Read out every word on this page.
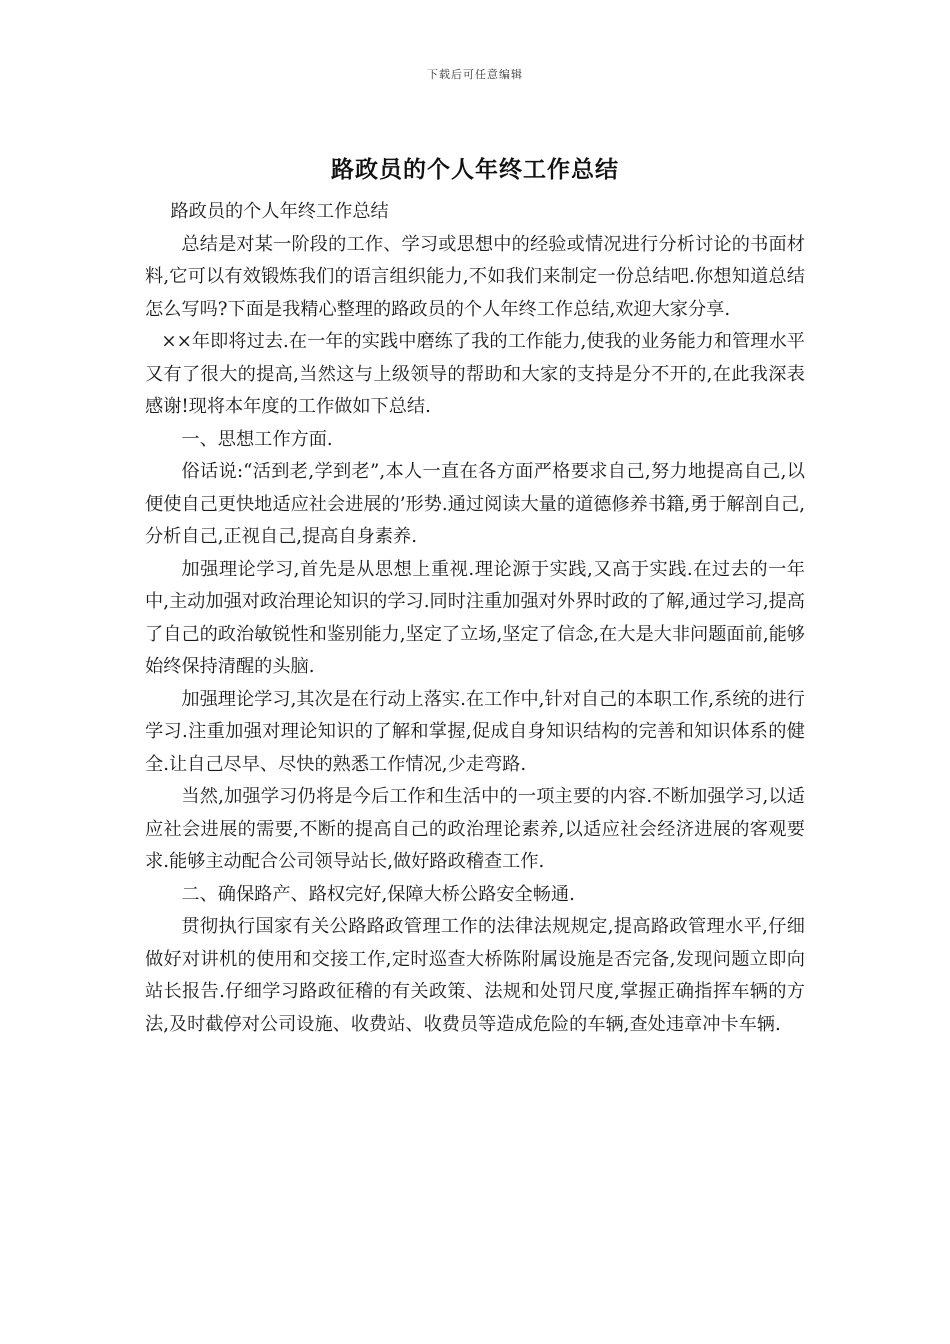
下载后可任意编辑
路政员的个人年终工作总结

路政员的个人年终工作总结

总结是对某一阶段的工作、学习或思想中的经验或情况进行分析讨论的书面材料,它可以有效锻炼我们的语言组织能力,不如我们来制定一份总结吧.你想知道总结怎么写吗?下面是我精心整理的路政员的个人年终工作总结,欢迎大家分享.

××年即将过去.在一年的实践中磨练了我的工作能力,使我的业务能力和管理水平又有了很大的提高,当然这与上级领导的帮助和大家的支持是分不开的,在此我深表感谢!现将本年度的工作做如下总结.

一、思想工作方面.

俗话说:“活到老,学到老”,本人一直在各方面严格要求自己,努力地提高自己,以便使自己更快地适应社会进展的’形势.通过阅读大量的道德修养书籍,勇于解剖自己,分析自己,正视自己,提高自身素养.

加强理论学习,首先是从思想上重视.理论源于实践,又高于实践.在过去的一年中,主动加强对政治理论知识的学习.同时注重加强对外界时政的了解,通过学习,提高了自己的政治敏锐性和鉴别能力,坚定了立场,坚定了信念,在大是大非问题面前,能够始终保持清醒的头脑.

加强理论学习,其次是在行动上落实.在工作中,针对自己的本职工作,系统的进行学习.注重加强对理论知识的了解和掌握,促成自身知识结构的完善和知识体系的健全.让自己尽早、尽快的熟悉工作情况,少走弯路.

当然,加强学习仍将是今后工作和生活中的一项主要的内容.不断加强学习,以适应社会进展的需要,不断的提高自己的政治理论素养,以适应社会经济进展的客观要求.能够主动配合公司领导站长,做好路政稽查工作.

二、确保路产、路权完好,保障大桥公路安全畅通.

贯彻执行国家有关公路路政管理工作的法律法规规定,提高路政管理水平,仔细做好对讲机的使用和交接工作,定时巡查大桥陈附属设施是否完备,发现问题立即向站长报告.仔细学习路政征稽的有关政策、法规和处罚尺度,掌握正确指挥车辆的方法,及时截停对公司设施、收费站、收费员等造成危险的车辆,查处违章冲卡车辆.
